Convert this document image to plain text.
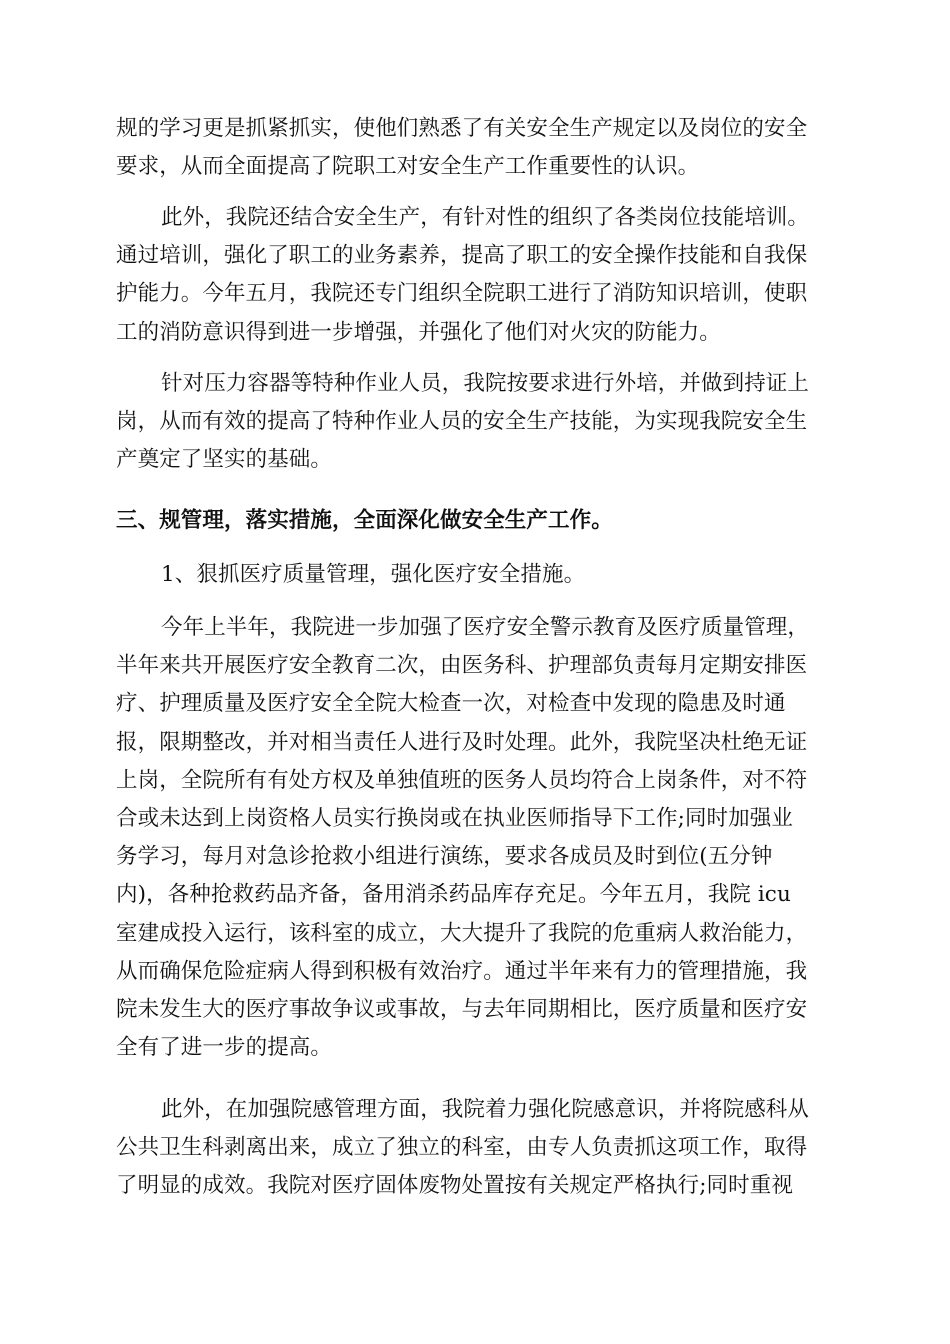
规的学习更是抓紧抓实，使他们熟悉了有关安全生产规定以及岗位的安全
要求，从而全面提高了院职工对安全生产工作重要性的认识。

此外，我院还结合安全生产，有针对性的组织了各类岗位技能培训。
通过培训，强化了职工的业务素养，提高了职工的安全操作技能和自我保
护能力。今年五月，我院还专门组织全院职工进行了消防知识培训，使职
工的消防意识得到进一步增强，并强化了他们对火灾的防能力。

针对压力容器等特种作业人员，我院按要求进行外培，并做到持证上
岗，从而有效的提高了特种作业人员的安全生产技能，为实现我院安全生
产奠定了坚实的基础。

三、规管理，落实措施，全面深化做安全生产工作。

1、狠抓医疗质量管理，强化医疗安全措施。

今年上半年，我院进一步加强了医疗安全警示教育及医疗质量管理，
半年来共开展医疗安全教育二次，由医务科、护理部负责每月定期安排医
疗、护理质量及医疗安全全院大检查一次，对检查中发现的隐患及时通
报，限期整改，并对相当责任人进行及时处理。此外，我院坚决杜绝无证
上岗，全院所有有处方权及单独值班的医务人员均符合上岗条件，对不符
合或未达到上岗资格人员实行换岗或在执业医师指导下工作;同时加强业
务学习，每月对急诊抢救小组进行演练，要求各成员及时到位(五分钟
内)，各种抢救药品齐备，备用消杀药品库存充足。今年五月，我院 icu
室建成投入运行，该科室的成立，大大提升了我院的危重病人救治能力，
从而确保危险症病人得到积极有效治疗。通过半年来有力的管理措施，我
院未发生大的医疗事故争议或事故，与去年同期相比，医疗质量和医疗安
全有了进一步的提高。

此外，在加强院感管理方面，我院着力强化院感意识，并将院感科从
公共卫生科剥离出来，成立了独立的科室，由专人负责抓这项工作，取得
了明显的成效。我院对医疗固体废物处置按有关规定严格执行;同时重视
